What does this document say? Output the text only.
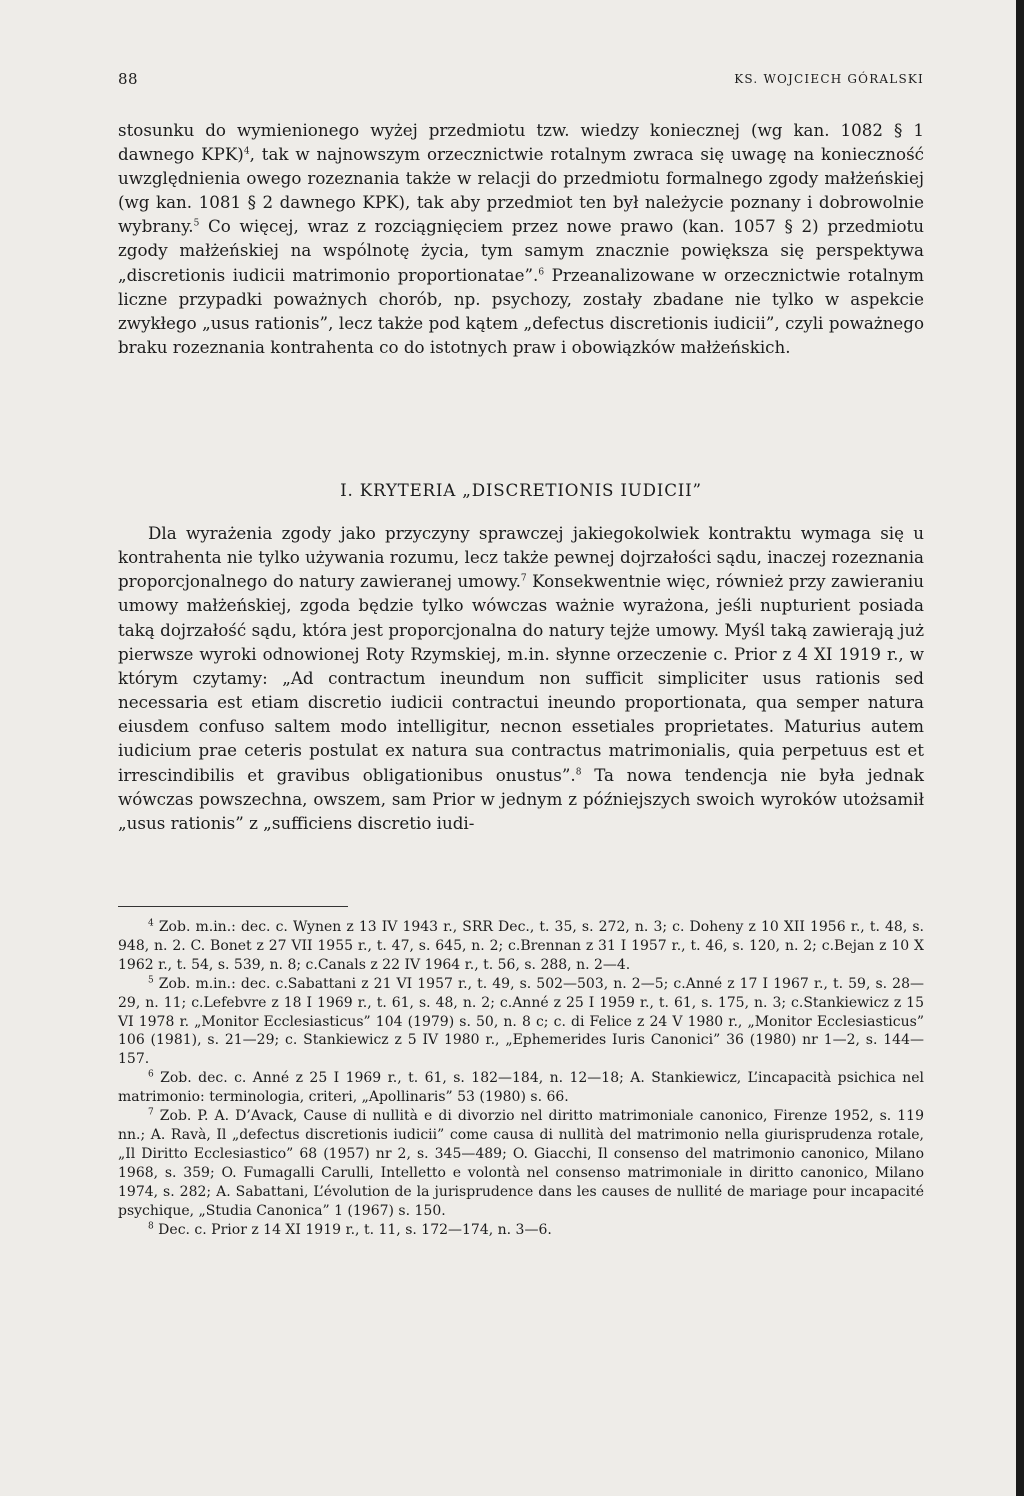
88	KS. WOJCIECH GÓRALSKI

stosunku do wymienionego wyżej przedmiotu tzw. wiedzy koniecznej (wg kan. 1082 § 1 dawnego KPK)$^4$, tak w najnowszym orzecznictwie rotalnym zwraca się uwagę na konieczność uwzględnienia owego rozeznania także w relacji do przedmiotu formalnego zgody małżeńskiej (wg kan. 1081 § 2 dawnego KPK), tak aby przedmiot ten był należycie poznany i dobrowolnie wybrany.$^5$ Co więcej, wraz z rozciągnięciem przez nowe prawo (kan. 1057 § 2) przedmiotu zgody małżeńskiej na wspólnotę życia, tym samym znacznie powiększa się perspektywa „discretionis iudicii matrimonio proportionatae”.$^6$ Przeanalizowane w orzecznictwie rotalnym liczne przypadki poważnych chorób, np. psychozy, zostały zbadane nie tylko w aspekcie zwykłego „usus rationis”, lecz także pod kątem „defectus discretionis iudicii”, czyli poważnego braku rozeznania kontrahenta co do istotnych praw i obowiązków małżeńskich.

I. KRYTERIA „DISCRETIONIS IUDICII”

Dla wyrażenia zgody jako przyczyny sprawczej jakiegokolwiek kontraktu wymaga się u kontrahenta nie tylko używania rozumu, lecz także pewnej dojrzałości sądu, inaczej rozeznania proporcjonalnego do natury zawieranej umowy.$^7$ Konsekwentnie więc, również przy zawieraniu umowy małżeńskiej, zgoda będzie tylko wówczas ważnie wyrażona, jeśli nupturient posiada taką dojrzałość sądu, która jest proporcjonalna do natury tejże umowy. Myśl taką zawierają już pierwsze wyroki odnowionej Roty Rzymskiej, m.in. słynne orzeczenie c. Prior z 4 XI 1919 r., w którym czytamy: „Ad contractum ineundum non sufficit simpliciter usus rationis sed necessaria est etiam discretio iudicii contractui ineundo proportionata, qua semper natura eiusdem confuso saltem modo intelligitur, necnon essetiales proprietates. Maturius autem iudicium prae ceteris postulat ex natura sua contractus matrimonialis, quia perpetuus est et irrescindibilis et gravibus obligationibus onustus”.$^8$ Ta nowa tendencja nie była jednak wówczas powszechna, owszem, sam Prior w jednym z późniejszych swoich wyroków utożsamił „usus rationis” z „sufficiens discretio iudi-

$^4$ Zob. m.in.: dec. c. Wynen z 13 IV 1943 r., SRR Dec., t. 35, s. 272, n. 3; c. Doheny z 10 XII 1956 r., t. 48, s. 948, n. 2. C. Bonet z 27 VII 1955 r., t. 47, s. 645, n. 2; c.Brennan z 31 I 1957 r., t. 46, s. 120, n. 2; c.Bejan z 10 X 1962 r., t. 54, s. 539, n. 8; c.Canals z 22 IV 1964 r., t. 56, s. 288, n. 2—4.

$^5$ Zob. m.in.: dec. c.Sabattani z 21 VI 1957 r., t. 49, s. 502—503, n. 2—5; c.Anné z 17 I 1967 r., t. 59, s. 28—29, n. 11; c.Lefebvre z 18 I 1969 r., t. 61, s. 48, n. 2; c.Anné z 25 I 1959 r., t. 61, s. 175, n. 3; c.Stankiewicz z 15 VI 1978 r. „Monitor Ecclesiasticus” 104 (1979) s. 50, n. 8 c; c. di Felice z 24 V 1980 r., „Monitor Ecclesiasticus” 106 (1981), s. 21—29; c. Stankiewicz z 5 IV 1980 r., „Ephemerides Iuris Canonici” 36 (1980) nr 1—2, s. 144—157.

$^6$ Zob. dec. c. Anné z 25 I 1969 r., t. 61, s. 182—184, n. 12—18; A. Stankiewicz, L’incapacità psichica nel matrimonio: terminologia, criteri, „Apollinaris” 53 (1980) s. 66.

$^7$ Zob. P. A. D’Avack, Cause di nullità e di divorzio nel diritto matrimoniale canonico, Firenze 1952, s. 119 nn.; A. Ravà, Il „defectus discretionis iudicii” come causa di nullità del matrimonio nella giurisprudenza rotale, „Il Diritto Ecclesiastico” 68 (1957) nr 2, s. 345—489; O. Giacchi, Il consenso del matrimonio canonico, Milano 1968, s. 359; O. Fumagalli Carulli, Intelletto e volontà nel consenso matrimoniale in diritto canonico, Milano 1974, s. 282; A. Sabattani, L’évolution de la jurisprudence dans les causes de nullité de mariage pour incapacité psychique, „Studia Canonica” 1 (1967) s. 150.

$^8$ Dec. c. Prior z 14 XI 1919 r., t. 11, s. 172—174, n. 3—6.
